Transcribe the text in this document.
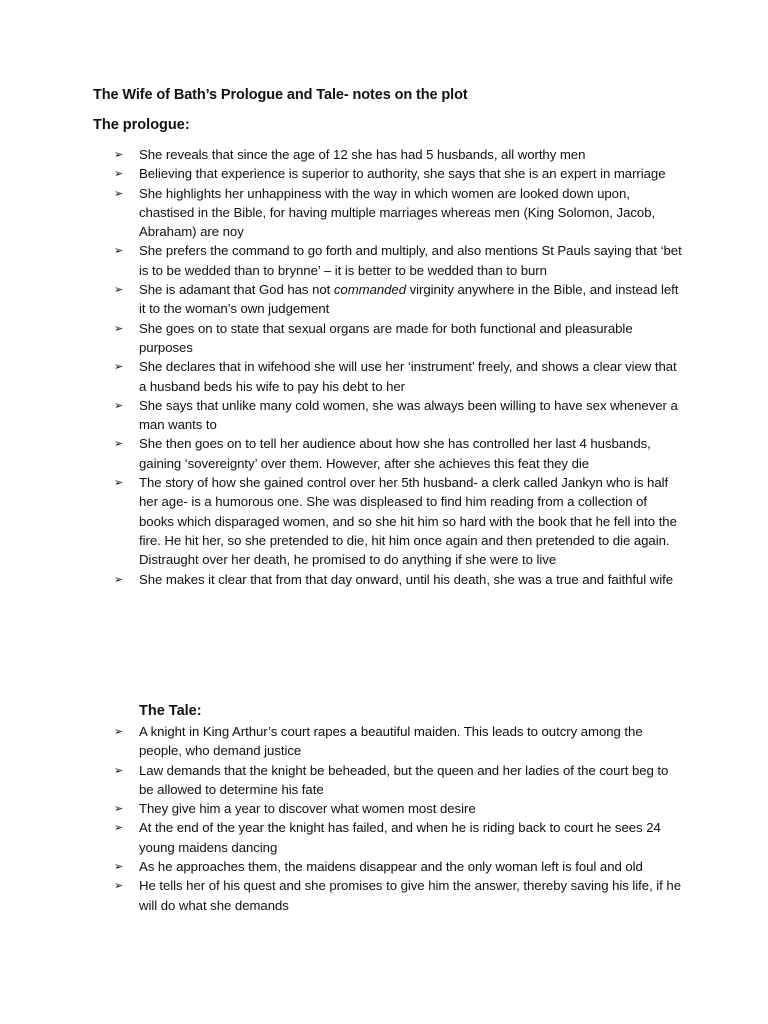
The Wife of Bath’s Prologue and Tale- notes on the plot
The prologue:
➢
She reveals that since the age of 12 she has had 5 husbands, all worthy men
➢
Believing that experience is superior to authority, she says that she is an expert in marriage
➢
She highlights her unhappiness with the way in which women are looked down upon, chastised in the Bible, for having multiple marriages whereas men (King Solomon, Jacob, Abraham) are noy
➢
She prefers the command to go forth and multiply, and also mentions St Pauls saying that ‘bet is to be wedded than to brynne’ – it is better to be wedded than to burn
➢
She is adamant that God has not commanded virginity anywhere in the Bible, and instead left it to the woman’s own judgement
➢
She goes on to state that sexual organs are made for both functional and pleasurable purposes
➢
She declares that in wifehood she will use her ‘instrument’ freely, and shows a clear view that a husband beds his wife to pay his debt to her
➢
She says that unlike many cold women, she was always been willing to have sex whenever a man wants to
➢
She then goes on to tell her audience about how she has controlled her last 4 husbands, gaining ‘sovereignty’ over them. However, after she achieves this feat they die
➢
The story of how she gained control over her 5th husband- a clerk called Jankyn who is half her age- is a humorous one. She was displeased to find him reading from a collection of books which disparaged women, and so she hit him so hard with the book that he fell into the fire. He hit her, so she pretended to die, hit him once again and then pretended to die again. Distraught over her death, he promised to do anything if she were to live
➢
She makes it clear that from that day onward, until his death, she was a true and faithful wife
The Tale:
➢
A knight in King Arthur’s court rapes a beautiful maiden. This leads to outcry among the people, who demand justice
➢
Law demands that the knight be beheaded, but the queen and her ladies of the court beg to be allowed to determine his fate
➢
They give him a year to discover what women most desire
➢
At the end of the year the knight has failed, and when he is riding back to court he sees 24 young maidens dancing
➢
As he approaches them, the maidens disappear and the only woman left is foul and old
➢
He tells her of his quest and she promises to give him the answer, thereby saving his life, if he will do what she demands
